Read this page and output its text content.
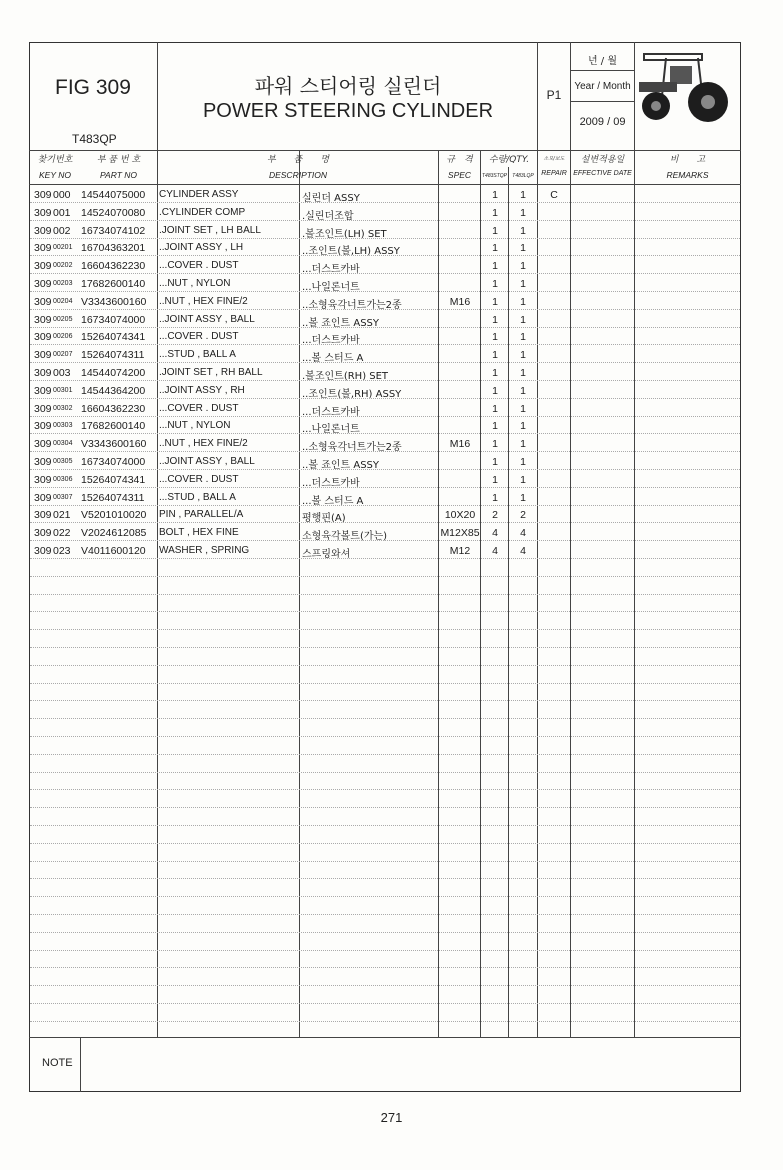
FIG 309
T483QP
파워 스티어링 실린더
POWER STEERING CYLINDER
P1
년 / 월
Year / Month
2009 / 09
찾기번호
KEY NO
부 품 번 호
PART NO
부　　품　　명
DESCRIPTION
규　격
SPEC
수량/QTY.
T483STQP	T483LQP
소모/보도
REPAIR
설변적용일
EFFECTIVE DATE
비　　고
REMARKS
309 000 14544075000 CYLINDER ASSY	실린더 ASSY	1	1	C
309 001 14524070080 .CYLINDER COMP	.실린더조합	1	1
309 002 16734074102 .JOINT SET , LH BALL	.볼조인트(LH) SET	1	1
309 00201 16704363201 ..JOINT ASSY , LH	..조인트(볼,LH) ASSY	1	1
309 00202 16604362230 ...COVER . DUST	...더스트카바	1	1
309 00203 17682600140 ...NUT , NYLON	...나일론너트	1	1
309 00204 V3343600160 ..NUT , HEX FINE/2	..소형육각너트가는2종	M16	1	1
309 00205 16734074000 ..JOINT ASSY , BALL	..볼 죠인트 ASSY	1	1
309 00206 15264074341 ...COVER . DUST	...더스트카바	1	1
309 00207 15264074311 ...STUD , BALL A	...볼 스터드 A	1	1
309 003 14544074200 .JOINT SET , RH BALL	.볼조인트(RH) SET	1	1
309 00301 14544364200 ..JOINT ASSY , RH	..조인트(볼,RH) ASSY	1	1
309 00302 16604362230 ...COVER . DUST	...더스트카바	1	1
309 00303 17682600140 ...NUT , NYLON	...나일론너트	1	1
309 00304 V3343600160 ..NUT , HEX FINE/2	..소형육각너트가는2종	M16	1	1
309 00305 16734074000 ..JOINT ASSY , BALL	..볼 죠인트 ASSY	1	1
309 00306 15264074341 ...COVER . DUST	...더스트카바	1	1
309 00307 15264074311 ...STUD , BALL A	...볼 스터드 A	1	1
309 021 V5201010020 PIN , PARALLEL/A	평행핀(A)	10X20	2	2
309 022 V2024612085 BOLT , HEX FINE	소형육각볼트(가는)	M12X85	4	4
309 023 V4011600120 WASHER , SPRING	스프링와셔	M12	4	4
NOTE
271
